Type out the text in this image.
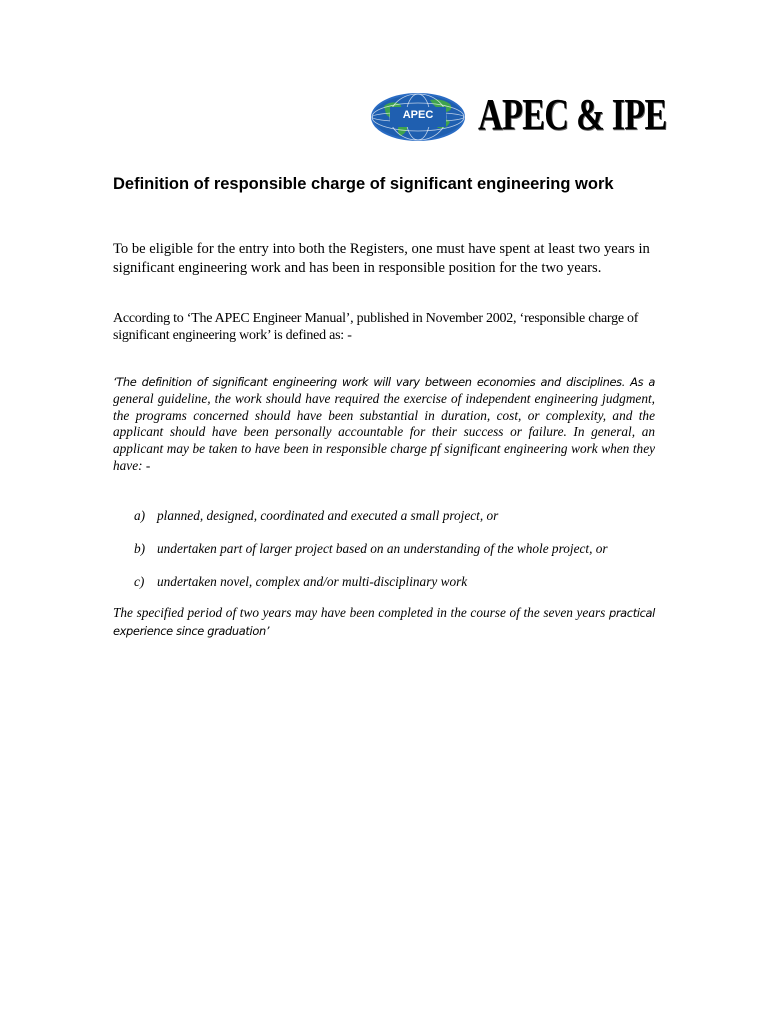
APEC APEC & IPE
Definition of responsible charge of significant engineering work
To be eligible for the entry into both the Registers, one must have spent at least two years in significant engineering work and has been in responsible position for the two years.
According to ‘The APEC Engineer Manual’, published in November 2002, ‘responsible charge of significant engineering work’ is defined as: -
‘The definition of significant engineering work will vary between economies and disciplines. As a general guideline, the work should have required the exercise of independent engineering judgment, the programs concerned should have been substantial in duration, cost, or complexity, and the applicant should have been personally accountable for their success or failure. In general, an applicant may be taken to have been in responsible charge pf significant engineering work when they have: -
a) planned, designed, coordinated and executed a small project, or
b) undertaken part of larger project based on an understanding of the whole project, or
c) undertaken novel, complex and/or multi-disciplinary work
The specified period of two years may have been completed in the course of the seven years practical experience since graduation’
